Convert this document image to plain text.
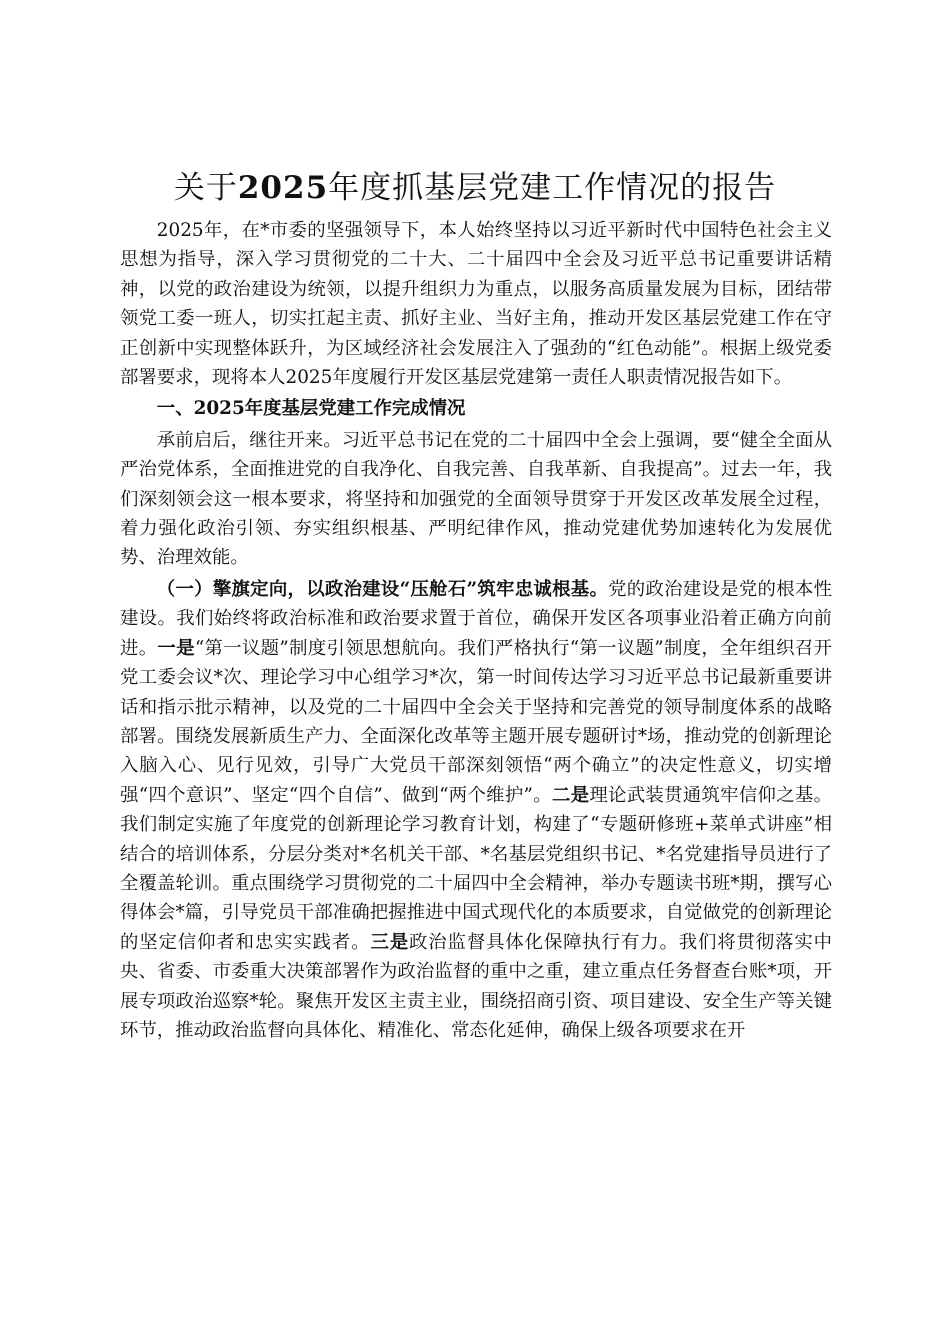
关于2025年度抓基层党建工作情况的报告

2025年，在*市委的坚强领导下，本人始终坚持以习近平新时代中国特色社会主义思想为指导，深入学习贯彻党的二十大、二十届四中全会及习近平总书记重要讲话精神，以党的政治建设为统领，以提升组织力为重点，以服务高质量发展为目标，团结带领党工委一班人，切实扛起主责、抓好主业、当好主角，推动开发区基层党建工作在守正创新中实现整体跃升，为区域经济社会发展注入了强劲的“红色动能”。根据上级党委部署要求，现将本人2025年度履行开发区基层党建第一责任人职责情况报告如下。

一、2025年度基层党建工作完成情况

承前启后，继往开来。习近平总书记在党的二十届四中全会上强调，要“健全全面从严治党体系，全面推进党的自我净化、自我完善、自我革新、自我提高”。过去一年，我们深刻领会这一根本要求，将坚持和加强党的全面领导贯穿于开发区改革发展全过程，着力强化政治引领、夯实组织根基、严明纪律作风，推动党建优势加速转化为发展优势、治理效能。

（一）擎旗定向，以政治建设“压舱石”筑牢忠诚根基。党的政治建设是党的根本性建设。我们始终将政治标准和政治要求置于首位，确保开发区各项事业沿着正确方向前进。一是“第一议题”制度引领思想航向。我们严格执行“第一议题”制度，全年组织召开党工委会议*次、理论学习中心组学习*次，第一时间传达学习习近平总书记最新重要讲话和指示批示精神，以及党的二十届四中全会关于坚持和完善党的领导制度体系的战略部署。围绕发展新质生产力、全面深化改革等主题开展专题研讨*场，推动党的创新理论入脑入心、见行见效，引导广大党员干部深刻领悟“两个确立”的决定性意义，切实增强“四个意识”、坚定“四个自信”、做到“两个维护”。二是理论武装贯通筑牢信仰之基。我们制定实施了年度党的创新理论学习教育计划，构建了“专题研修班+菜单式讲座”相结合的培训体系，分层分类对*名机关干部、*名基层党组织书记、*名党建指导员进行了全覆盖轮训。重点围绕学习贯彻党的二十届四中全会精神，举办专题读书班*期，撰写心得体会*篇，引导党员干部准确把握推进中国式现代化的本质要求，自觉做党的创新理论的坚定信仰者和忠实实践者。三是政治监督具体化保障执行有力。我们将贯彻落实中央、省委、市委重大决策部署作为政治监督的重中之重，建立重点任务督查台账*项，开展专项政治巡察*轮。聚焦开发区主责主业，围绕招商引资、项目建设、安全生产等关键环节，推动政治监督向具体化、精准化、常态化延伸，确保上级各项要求在开
